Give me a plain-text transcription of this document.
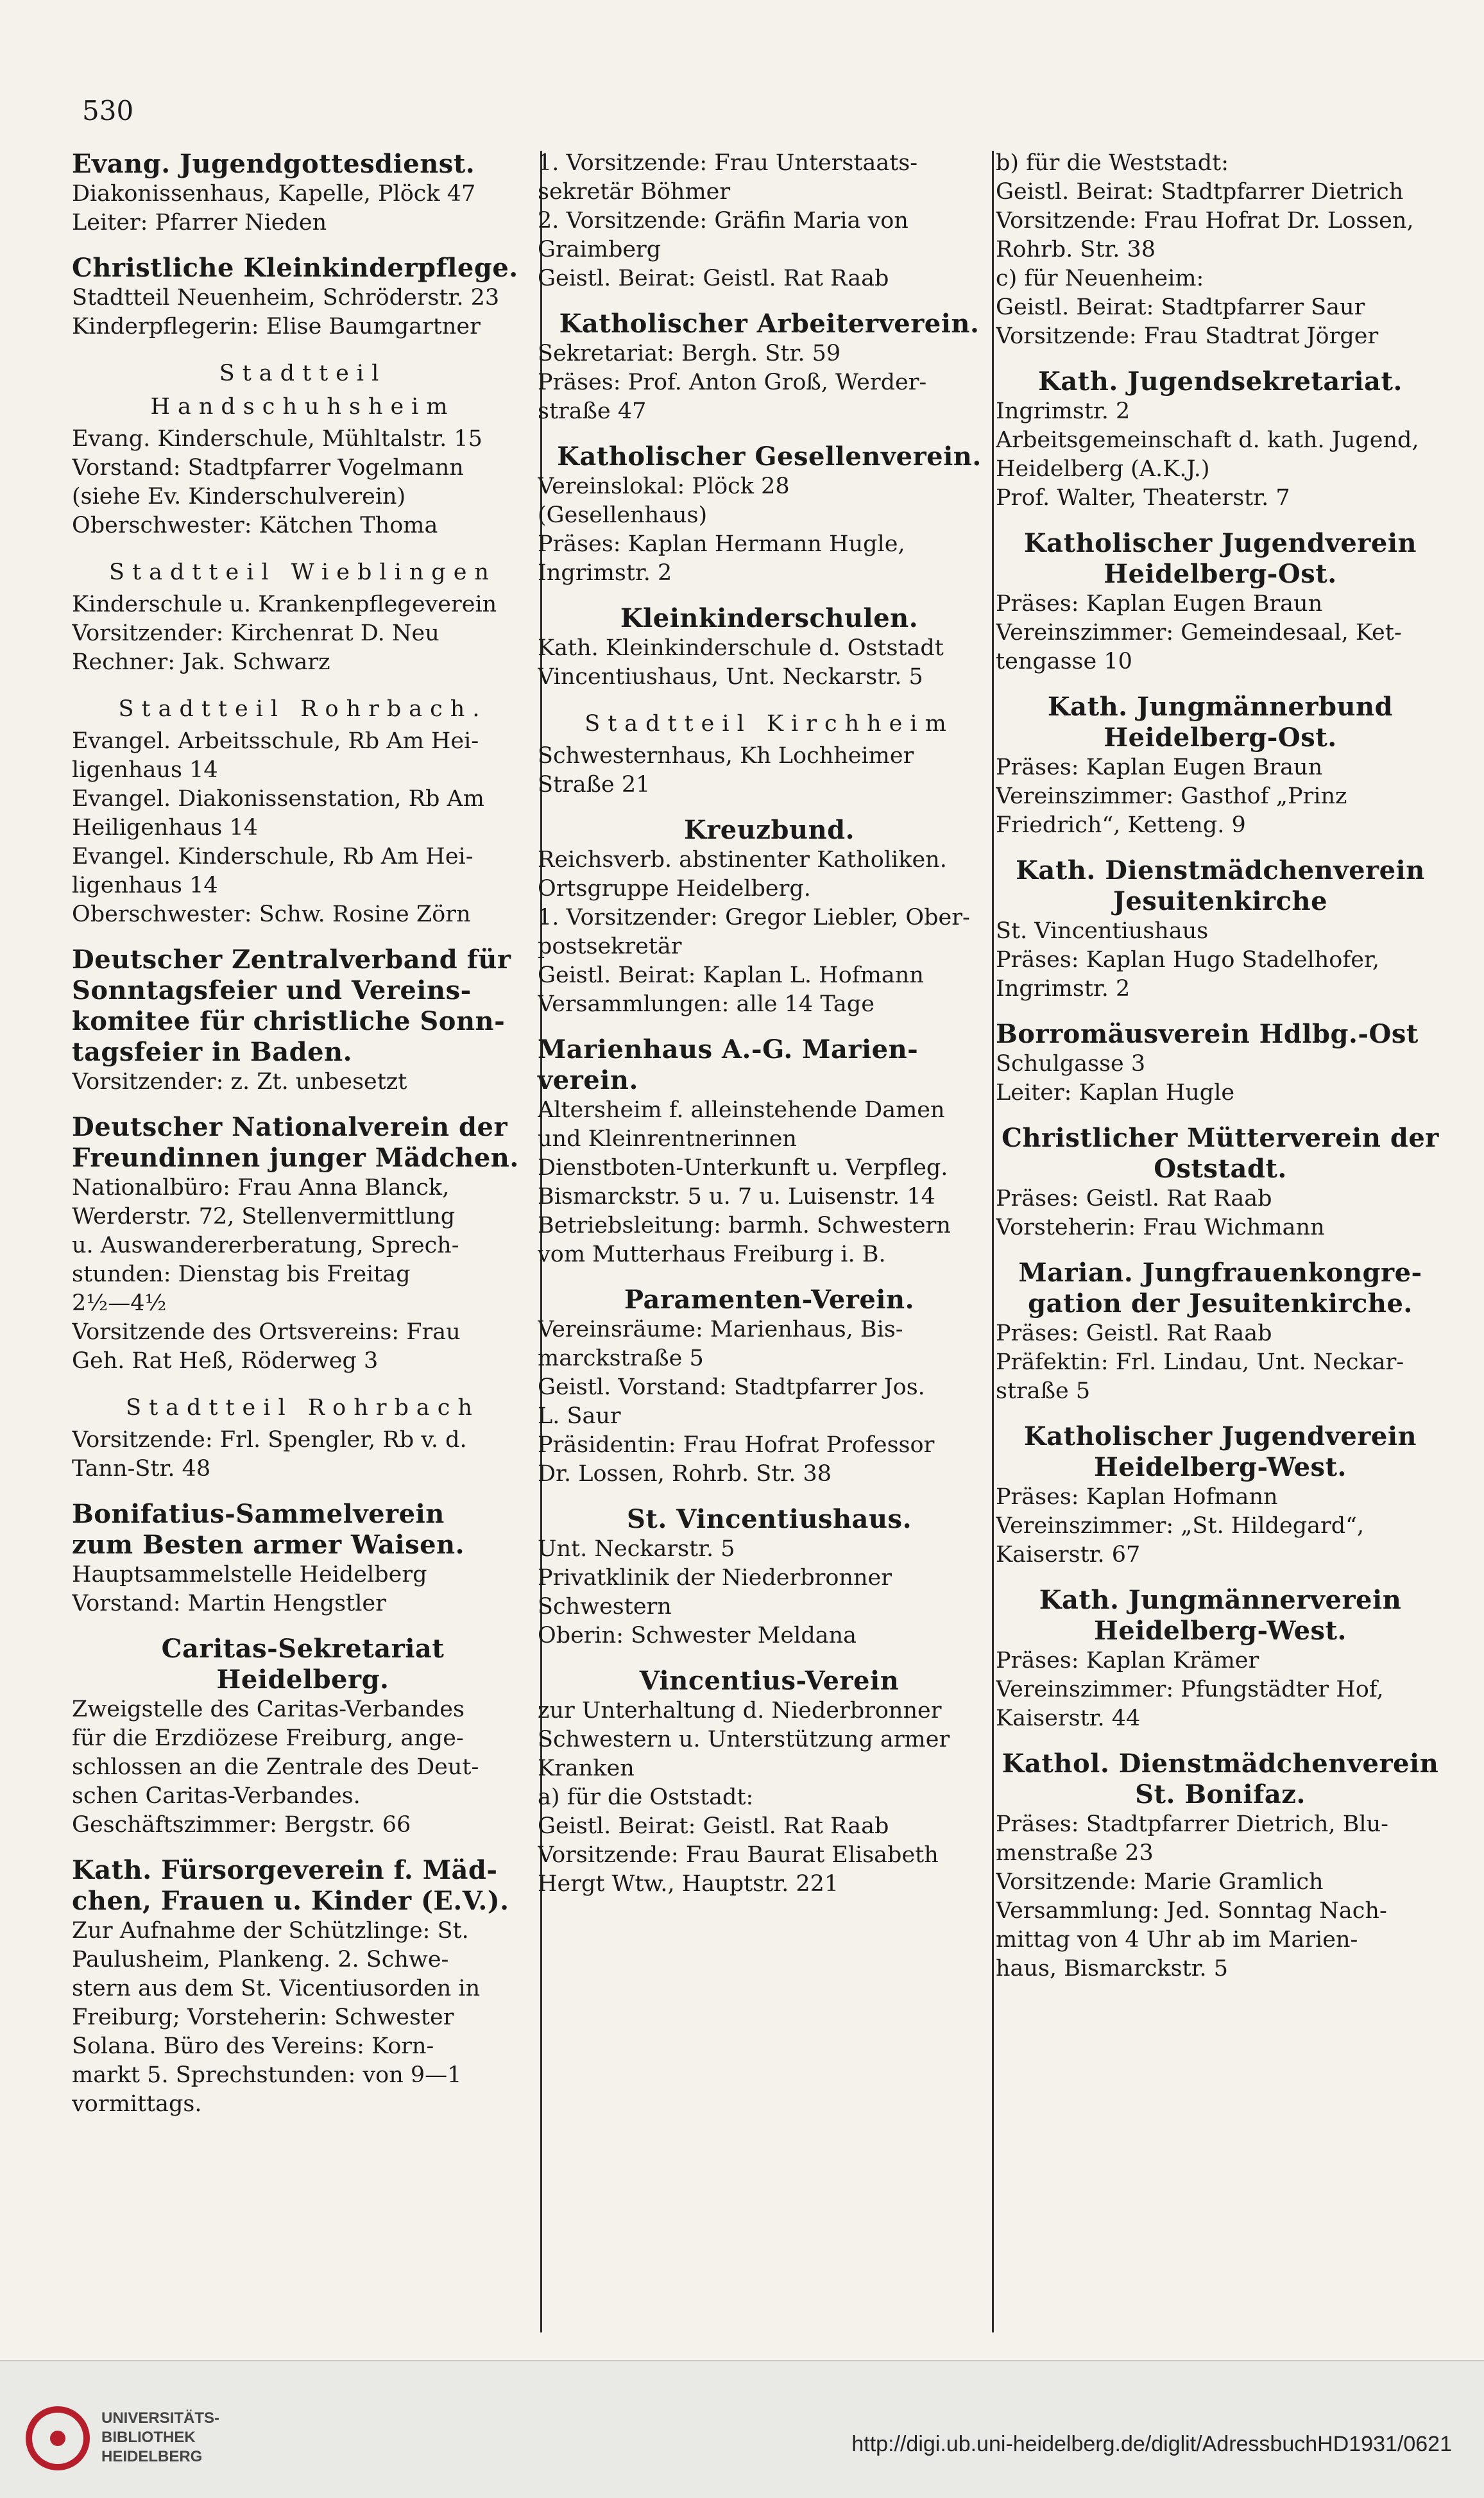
530
Evang. Jugendgottesdienst.
Diakonissenhaus, Kapelle, Plöck 47
Leiter: Pfarrer Nieden
Christliche Kleinkinderpflege.
Stadtteil Neuenheim, Schröderstr. 23
Kinderpflegerin: Elise Baumgartner
Stadtteil Handschuhsheim
Evang. Kinderschule, Mühltalstr. 15
Vorstand: Stadtpfarrer Vogelmann
(siehe Ev. Kinderschulverein)
Oberschwester: Kätchen Thoma
Stadtteil Wieblingen
Kinderschule u. Krankenpflegeverein
Vorsitzender: Kirchenrat D. Neu
Rechner: Jak. Schwarz
Stadtteil Rohrbach.
Evangel. Arbeitsschule, Rb Am Hei-
ligenhaus 14
Evangel. Diakonissenstation, Rb Am
Heiligenhaus 14
Evangel. Kinderschule, Rb Am Hei-
ligenhaus 14
Oberschwester: Schw. Rosine Zörn
Deutscher Zentralverband für
Sonntagsfeier und Vereins-
komitee für christliche Sonn-
tagsfeier in Baden.
Vorsitzender: z. Zt. unbesetzt
Deutscher Nationalverein der
Freundinnen junger Mädchen.
Nationalbüro: Frau Anna Blanck,
Werderstr. 72, Stellenvermittlung
u. Auswandererberatung, Sprech-
stunden: Dienstag bis Freitag
2½—4½
Vorsitzende des Ortsvereins: Frau
Geh. Rat Heß, Röderweg 3
Stadtteil Rohrbach
Vorsitzende: Frl. Spengler, Rb v. d.
Tann-Str. 48
Bonifatius-Sammelverein
zum Besten armer Waisen.
Hauptsammelstelle Heidelberg
Vorstand: Martin Hengstler
Caritas-Sekretariat
Heidelberg.
Zweigstelle des Caritas-Verbandes
für die Erzdiözese Freiburg, ange-
schlossen an die Zentrale des Deut-
schen Caritas-Verbandes.
Geschäftszimmer: Bergstr. 66
Kath. Fürsorgeverein f. Mäd-
chen, Frauen u. Kinder (E.V.).
Zur Aufnahme der Schützlinge: St.
Paulusheim, Plankeng. 2. Schwe-
stern aus dem St. Vicentiusorden in
Freiburg; Vorsteherin: Schwester
Solana. Büro des Vereins: Korn-
markt 5. Sprechstunden: von 9—1
vormittags.
1. Vorsitzende: Frau Unterstaats-
sekretär Böhmer
2. Vorsitzende: Gräfin Maria von
Graimberg
Geistl. Beirat: Geistl. Rat Raab
Katholischer Arbeiterverein.
Sekretariat: Bergh. Str. 59
Präses: Prof. Anton Groß, Werder-
straße 47
Katholischer Gesellenverein.
Vereinslokal: Plöck 28
(Gesellenhaus)
Präses: Kaplan Hermann Hugle,
Ingrimstr. 2
Kleinkinderschulen.
Kath. Kleinkinderschule d. Oststadt
Vincentiushaus, Unt. Neckarstr. 5
Stadtteil Kirchheim
Schwesternhaus, Kh Lochheimer
Straße 21
Kreuzbund.
Reichsverb. abstinenter Katholiken.
Ortsgruppe Heidelberg.
1. Vorsitzender: Gregor Liebler, Ober-
postsekretär
Geistl. Beirat: Kaplan L. Hofmann
Versammlungen: alle 14 Tage
Marienhaus A.-G. Marien-
verein.
Altersheim f. alleinstehende Damen
und Kleinrentnerinnen
Dienstboten-Unterkunft u. Verpfleg.
Bismarckstr. 5 u. 7 u. Luisenstr. 14
Betriebsleitung: barmh. Schwestern
vom Mutterhaus Freiburg i. B.
Paramenten-Verein.
Vereinsräume: Marienhaus, Bis-
marckstraße 5
Geistl. Vorstand: Stadtpfarrer Jos.
L. Saur
Präsidentin: Frau Hofrat Professor
Dr. Lossen, Rohrb. Str. 38
St. Vincentiushaus.
Unt. Neckarstr. 5
Privatklinik der Niederbronner
Schwestern
Oberin: Schwester Meldana
Vincentius-Verein
zur Unterhaltung d. Niederbronner
Schwestern u. Unterstützung armer
Kranken
a) für die Oststadt:
Geistl. Beirat: Geistl. Rat Raab
Vorsitzende: Frau Baurat Elisabeth
Hergt Wtw., Hauptstr. 221
b) für die Weststadt:
Geistl. Beirat: Stadtpfarrer Dietrich
Vorsitzende: Frau Hofrat Dr. Lossen,
Rohrb. Str. 38
c) für Neuenheim:
Geistl. Beirat: Stadtpfarrer Saur
Vorsitzende: Frau Stadtrat Jörger
Kath. Jugendsekretariat.
Ingrimstr. 2
Arbeitsgemeinschaft d. kath. Jugend,
Heidelberg (A.K.J.)
Prof. Walter, Theaterstr. 7
Katholischer Jugendverein
Heidelberg-Ost.
Präses: Kaplan Eugen Braun
Vereinszimmer: Gemeindesaal, Ket-
tengasse 10
Kath. Jungmännerbund
Heidelberg-Ost.
Präses: Kaplan Eugen Braun
Vereinszimmer: Gasthof „Prinz
Friedrich“, Ketteng. 9
Kath. Dienstmädchenverein
Jesuitenkirche
St. Vincentiushaus
Präses: Kaplan Hugo Stadelhofer,
Ingrimstr. 2
Borromäusverein Hdlbg.-Ost
Schulgasse 3
Leiter: Kaplan Hugle
Christlicher Mütterverein der
Oststadt.
Präses: Geistl. Rat Raab
Vorsteherin: Frau Wichmann
Marian. Jungfrauenkongre-
gation der Jesuitenkirche.
Präses: Geistl. Rat Raab
Präfektin: Frl. Lindau, Unt. Neckar-
straße 5
Katholischer Jugendverein
Heidelberg-West.
Präses: Kaplan Hofmann
Vereinszimmer: „St. Hildegard“,
Kaiserstr. 67
Kath. Jungmännerverein
Heidelberg-West.
Präses: Kaplan Krämer
Vereinszimmer: Pfungstädter Hof,
Kaiserstr. 44
Kathol. Dienstmädchenverein
St. Bonifaz.
Präses: Stadtpfarrer Dietrich, Blu-
menstraße 23
Vorsitzende: Marie Gramlich
Versammlung: Jed. Sonntag Nach-
mittag von 4 Uhr ab im Marien-
haus, Bismarckstr. 5
UNIVERSITÄTS-
BIBLIOTHEK
HEIDELBERG
http://digi.ub.uni-heidelberg.de/diglit/AdressbuchHD1931/0621
